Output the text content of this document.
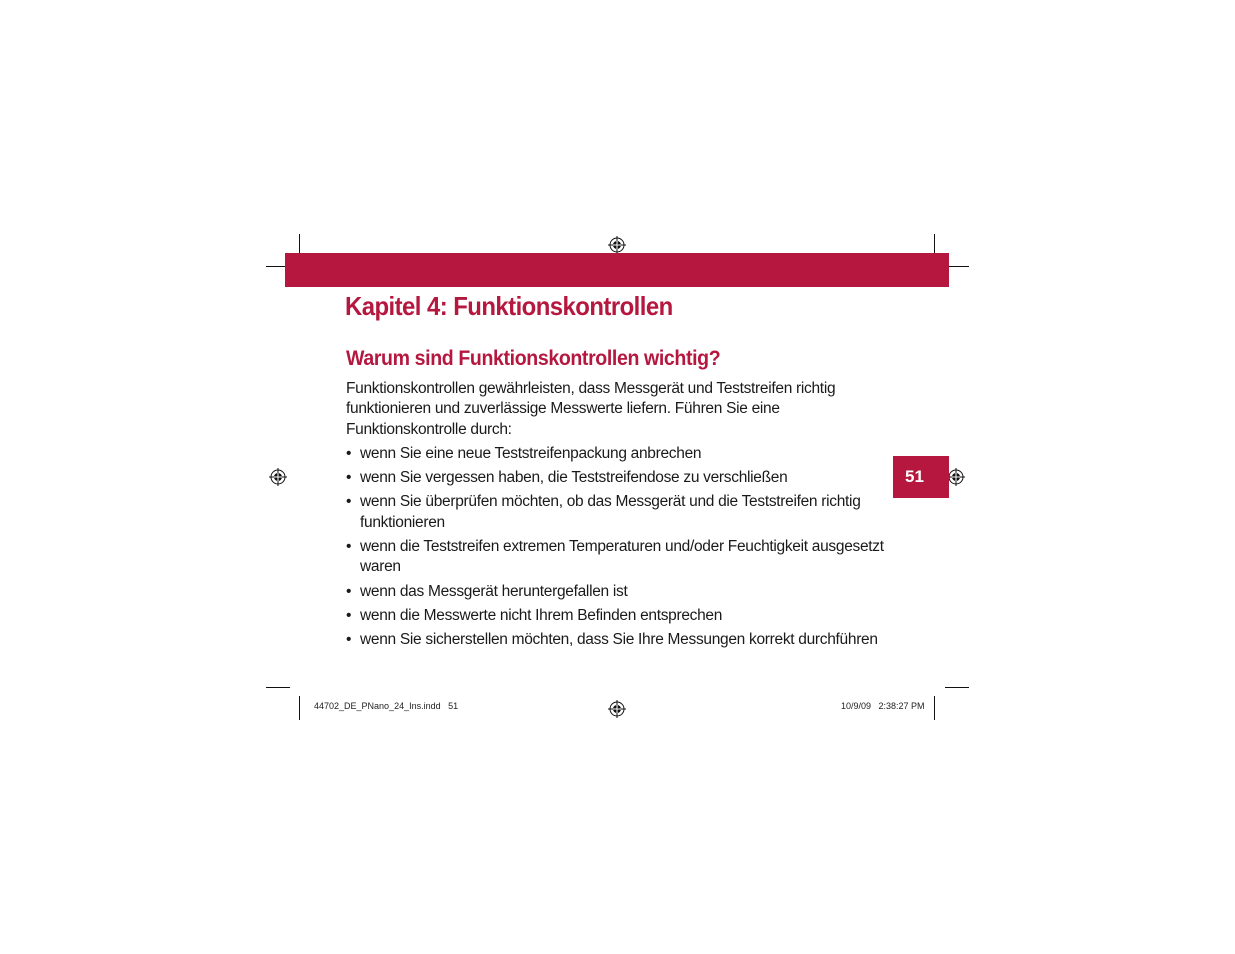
Kapitel 4: Funktionskontrollen
Warum sind Funktionskontrollen wichtig?

Funktionskontrollen gewährleisten, dass Messgerät und Teststreifen richtig funktionieren und zuverlässige Messwerte liefern. Führen Sie eine Funktionskontrolle durch:

• wenn Sie eine neue Teststreifenpackung anbrechen
• wenn Sie vergessen haben, die Teststreifendose zu verschließen
• wenn Sie überprüfen möchten, ob das Messgerät und die Teststreifen richtig funktionieren
• wenn die Teststreifen extremen Temperaturen und/oder Feuchtigkeit ausgesetzt waren
• wenn das Messgerät heruntergefallen ist
• wenn die Messwerte nicht Ihrem Befinden entsprechen
• wenn Sie sicherstellen möchten, dass Sie Ihre Messungen korrekt durchführen
51
44702_DE_PNano_24_Ins.indd   51	10/9/09   2:38:27 PM
